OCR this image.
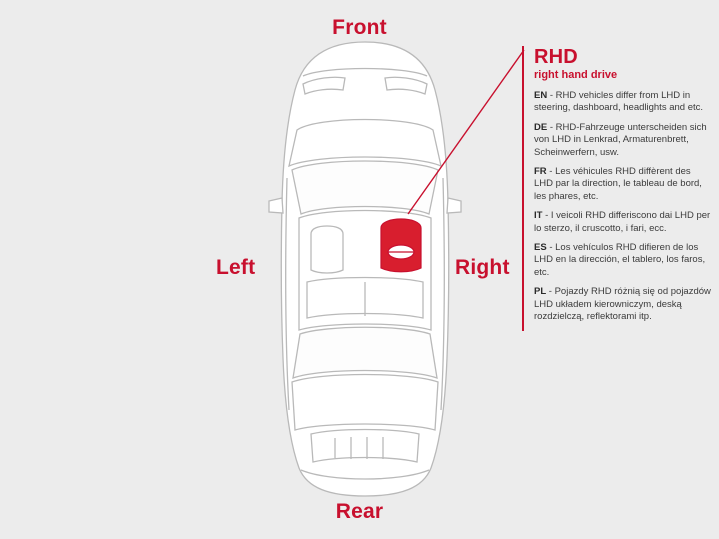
Front
Rear
Left	Right
RHD
right hand drive
EN - RHD vehicles differ from LHD in steering, dashboard, headlights and etc.
DE - RHD-Fahrzeuge unterscheiden sich von LHD in Lenkrad, Armaturenbrett, Scheinwerfern, usw.
FR - Les véhicules RHD diffèrent des LHD par la direction, le tableau de bord, les phares, etc.
IT - I veicoli RHD differiscono dai LHD per lo sterzo, il cruscotto, i fari, ecc.
ES - Los vehículos RHD difieren de los LHD en la dirección, el tablero, los faros, etc.
PL - Pojazdy RHD różnią się od pojazdów LHD układem kierowniczym, deską rozdzielczą, reflektorami itp.
